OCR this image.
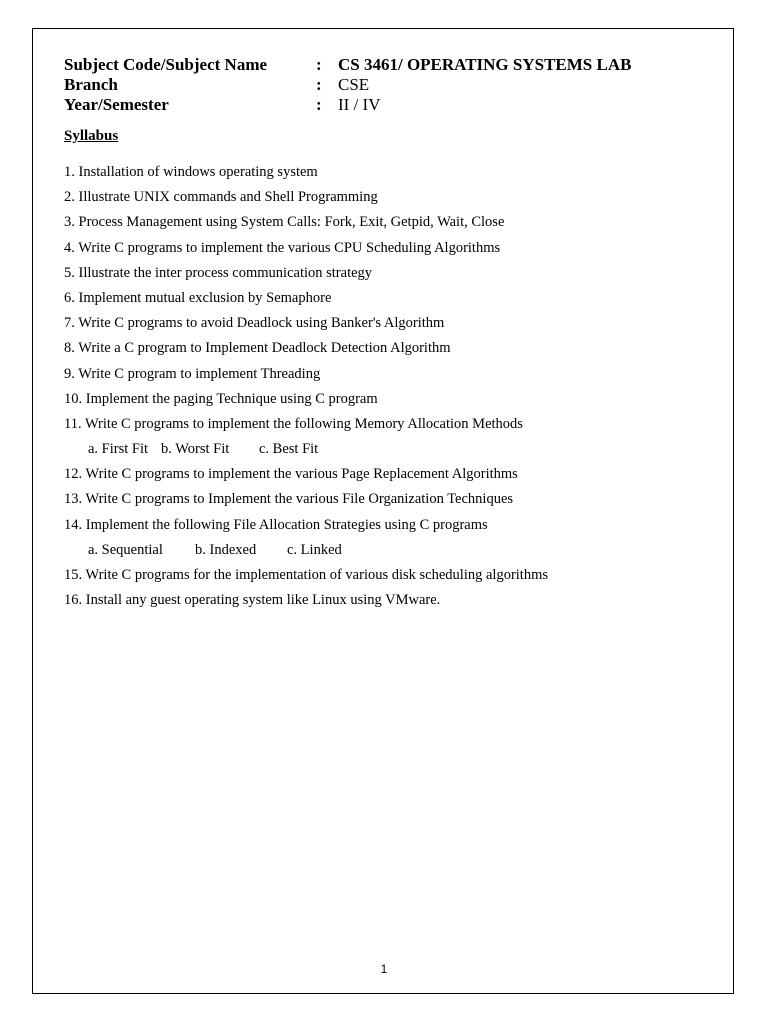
Subject Code/Subject Name	: CS 3461/ OPERATING SYSTEMS LAB
Branch	: CSE
Year/Semester	: II / IV
Syllabus
1. Installation of windows operating system
2. Illustrate UNIX commands and Shell Programming
3. Process Management using System Calls: Fork, Exit, Getpid, Wait, Close
4. Write C programs to implement the various CPU Scheduling Algorithms
5. Illustrate the inter process communication strategy
6. Implement mutual exclusion by Semaphore
7. Write C programs to avoid Deadlock using Banker's Algorithm
8. Write a C program to Implement Deadlock Detection Algorithm
9. Write C program to implement Threading
10. Implement the paging Technique using C program
11. Write C programs to implement the following Memory Allocation Methods
a. First Fit b. Worst Fit c. Best Fit
12. Write C programs to implement the various Page Replacement Algorithms
13. Write C programs to Implement the various File Organization Techniques
14. Implement the following File Allocation Strategies using C programs
a. Sequential b. Indexed c. Linked
15. Write C programs for the implementation of various disk scheduling algorithms
16. Install any guest operating system like Linux using VMware.
1
